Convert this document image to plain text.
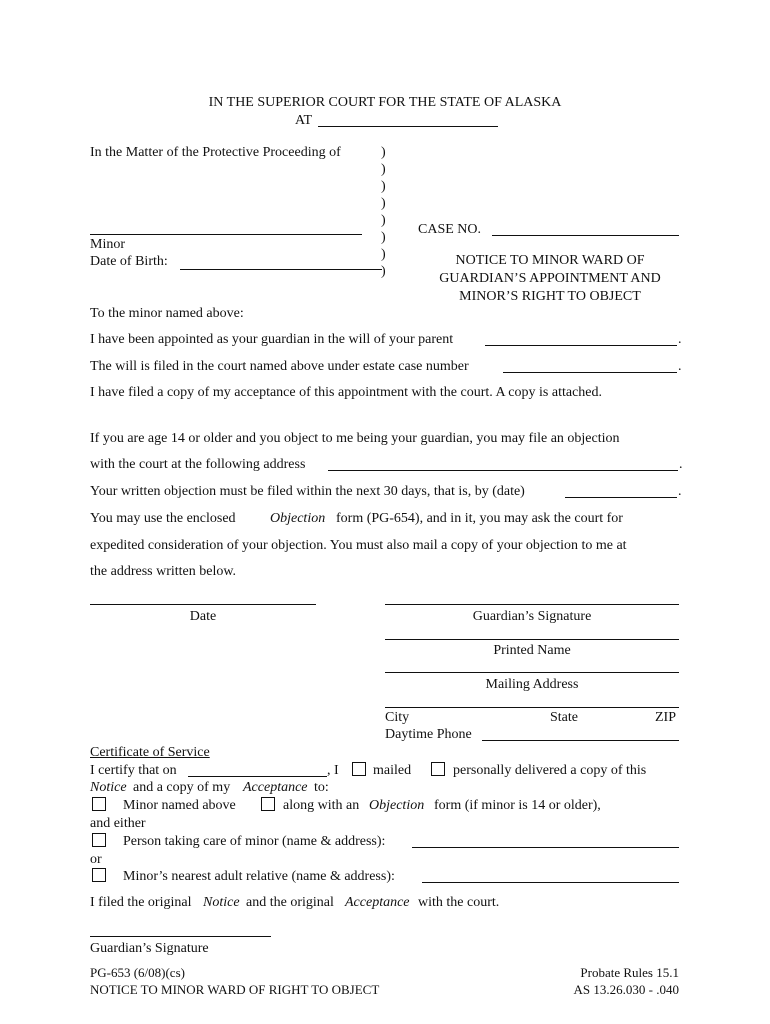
IN THE SUPERIOR COURT FOR THE STATE OF ALASKA
AT
In the Matter of the Protective Proceeding of
Minor
Date of Birth:
)
)
)
)
)
)
)
)
CASE NO.
NOTICE TO MINOR WARD OF
GUARDIAN’S APPOINTMENT AND
MINOR’S RIGHT TO OBJECT
To the minor named above:
I have been appointed as your guardian in the will of your parent	.
The will is filed in the court named above under estate case number	.
I have filed a copy of my acceptance of this appointment with the court. A copy is attached.
If you are age 14 or older and you object to me being your guardian, you may file an objection
with the court at the following address	.
Your written objection must be filed within the next 30 days, that is, by (date)	.
You may use the enclosed Objection form (PG-654), and in it, you may ask the court for
expedited consideration of your objection. You must also mail a copy of your objection to me at
the address written below.
Date	Guardian’s Signature
Printed Name
Mailing Address
City	State	ZIP
Daytime Phone
Certificate of Service
I certify that on	, I mailed	personally delivered a copy of this
Notice and a copy of my Acceptance to:
Minor named above	along with an Objection form (if minor is 14 or older),
and either
Person taking care of minor (name & address):
or
Minor’s nearest adult relative (name & address):
I filed the original Notice and the original Acceptance with the court.
Guardian’s Signature
PG-653 (6/08)(cs)
NOTICE TO MINOR WARD OF RIGHT TO OBJECT
Probate Rules 15.1
AS 13.26.030 - .040
